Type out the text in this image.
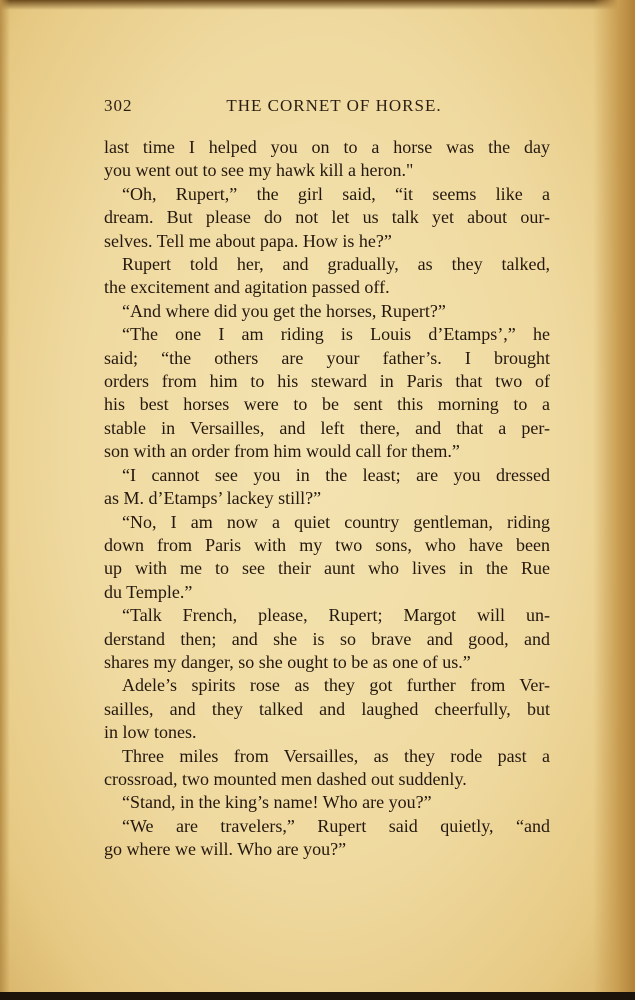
302	THE CORNET OF HORSE.

last time I helped you on to a horse was the day
you went out to see my hawk kill a heron."

“Oh, Rupert,” the girl said, “it seems like a
dream. But please do not let us talk yet about our-
selves. Tell me about papa. How is he?”

Rupert told her, and gradually, as they talked,
the excitement and agitation passed off.

“And where did you get the horses, Rupert?”

“The one I am riding is Louis d’Etamps’,” he
said; “the others are your father’s. I brought
orders from him to his steward in Paris that two of
his best horses were to be sent this morning to a
stable in Versailles, and left there, and that a per-
son with an order from him would call for them.”

“I cannot see you in the least; are you dressed
as M. d’Etamps’ lackey still?”

“No, I am now a quiet country gentleman, riding
down from Paris with my two sons, who have been
up with me to see their aunt who lives in the Rue
du Temple.”

“Talk French, please, Rupert; Margot will un-
derstand then; and she is so brave and good, and
shares my danger, so she ought to be as one of us.”

Adele’s spirits rose as they got further from Ver-
sailles, and they talked and laughed cheerfully, but
in low tones.

Three miles from Versailles, as they rode past a
crossroad, two mounted men dashed out suddenly.

“Stand, in the king’s name! Who are you?”

“We are travelers,” Rupert said quietly, “and
go where we will. Who are you?”
